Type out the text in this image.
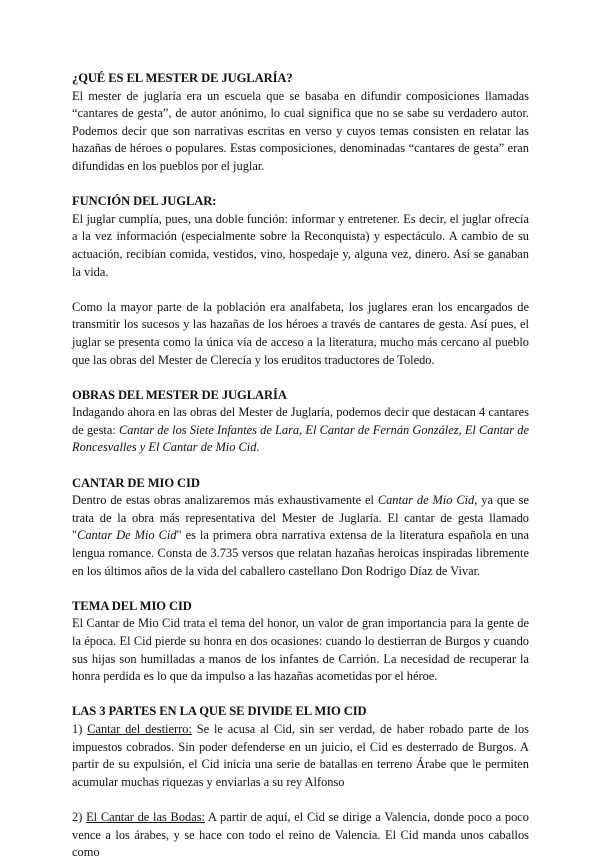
¿QUÉ ES EL MESTER DE JUGLARÍA?

El mester de juglaría era un escuela que se basaba en difundir composiciones llamadas “cantares de gesta”, de autor anónimo, lo cual significa que no se sabe su verdadero autor. Podemos decir que son narrativas escritas en verso y cuyos temas consisten en relatar las hazañas de héroes o populares. Estas composiciones, denominadas “cantares de gesta” eran difundidas en los pueblos por el juglar.

FUNCIÓN DEL JUGLAR:

El juglar cumplía, pues, una doble función: informar y entretener. Es decir, el juglar ofrecía a la vez información (especialmente sobre la Reconquista) y espectáculo. A cambio de su actuación, recibían comida, vestidos, vino, hospedaje y, alguna vez, dinero. Así se ganaban la vida.

Como la mayor parte de la población era analfabeta, los juglares eran los encargados de transmitir los sucesos y las hazañas de los héroes a través de cantares de gesta. Así pues, el juglar se presenta como la única vía de acceso a la literatura, mucho más cercano al pueblo que las obras del Mester de Clerecía y los eruditos traductores de Toledo.

OBRAS DEL MESTER DE JUGLARÍA

Indagando ahora en las obras del Mester de Juglaría, podemos decir que destacan 4 cantares de gesta: Cantar de los Siete Infantes de Lara, El Cantar de Fernán González, El Cantar de Roncesvalles y El Cantar de Mio Cid.

CANTAR DE MIO CID

Dentro de estas obras analizaremos más exhaustivamente el Cantar de Mio Cid, ya que se trata de la obra más representativa del Mester de Juglaría. El cantar de gesta llamado "Cantar De Mio Cid" es la primera obra narrativa extensa de la literatura española en una lengua romance. Consta de 3.735 versos que relatan hazañas heroicas inspiradas libremente en los últimos años de la vida del caballero castellano Don Rodrigo Díaz de Vivar.

TEMA DEL MIO CID

El Cantar de Mio Cid trata el tema del honor, un valor de gran importancia para la gente de la época. El Cid pierde su honra en dos ocasiones: cuando lo destierran de Burgos y cuando sus hijas son humilladas a manos de los infantes de Carrión. La necesidad de recuperar la honra perdida es lo que da impulso a las hazañas acometidas por el héroe.

LAS 3 PARTES EN LA QUE SE DIVIDE EL MIO CID

1) Cantar del destierro: Se le acusa al Cid, sin ser verdad, de haber robado parte de los impuestos cobrados. Sin poder defenderse en un juicio, el Cid es desterrado de Burgos. A partir de su expulsión, el Cid inicia una serie de batallas en terreno Árabe que le permiten acumular muchas riquezas y enviarlas a su rey Alfonso

2) El Cantar de las Bodas: A partir de aquí, el Cid se dirige a Valencia, donde poco a poco vence a los árabes, y se hace con todo el reino de Valencia. El Cid manda unos caballos como
